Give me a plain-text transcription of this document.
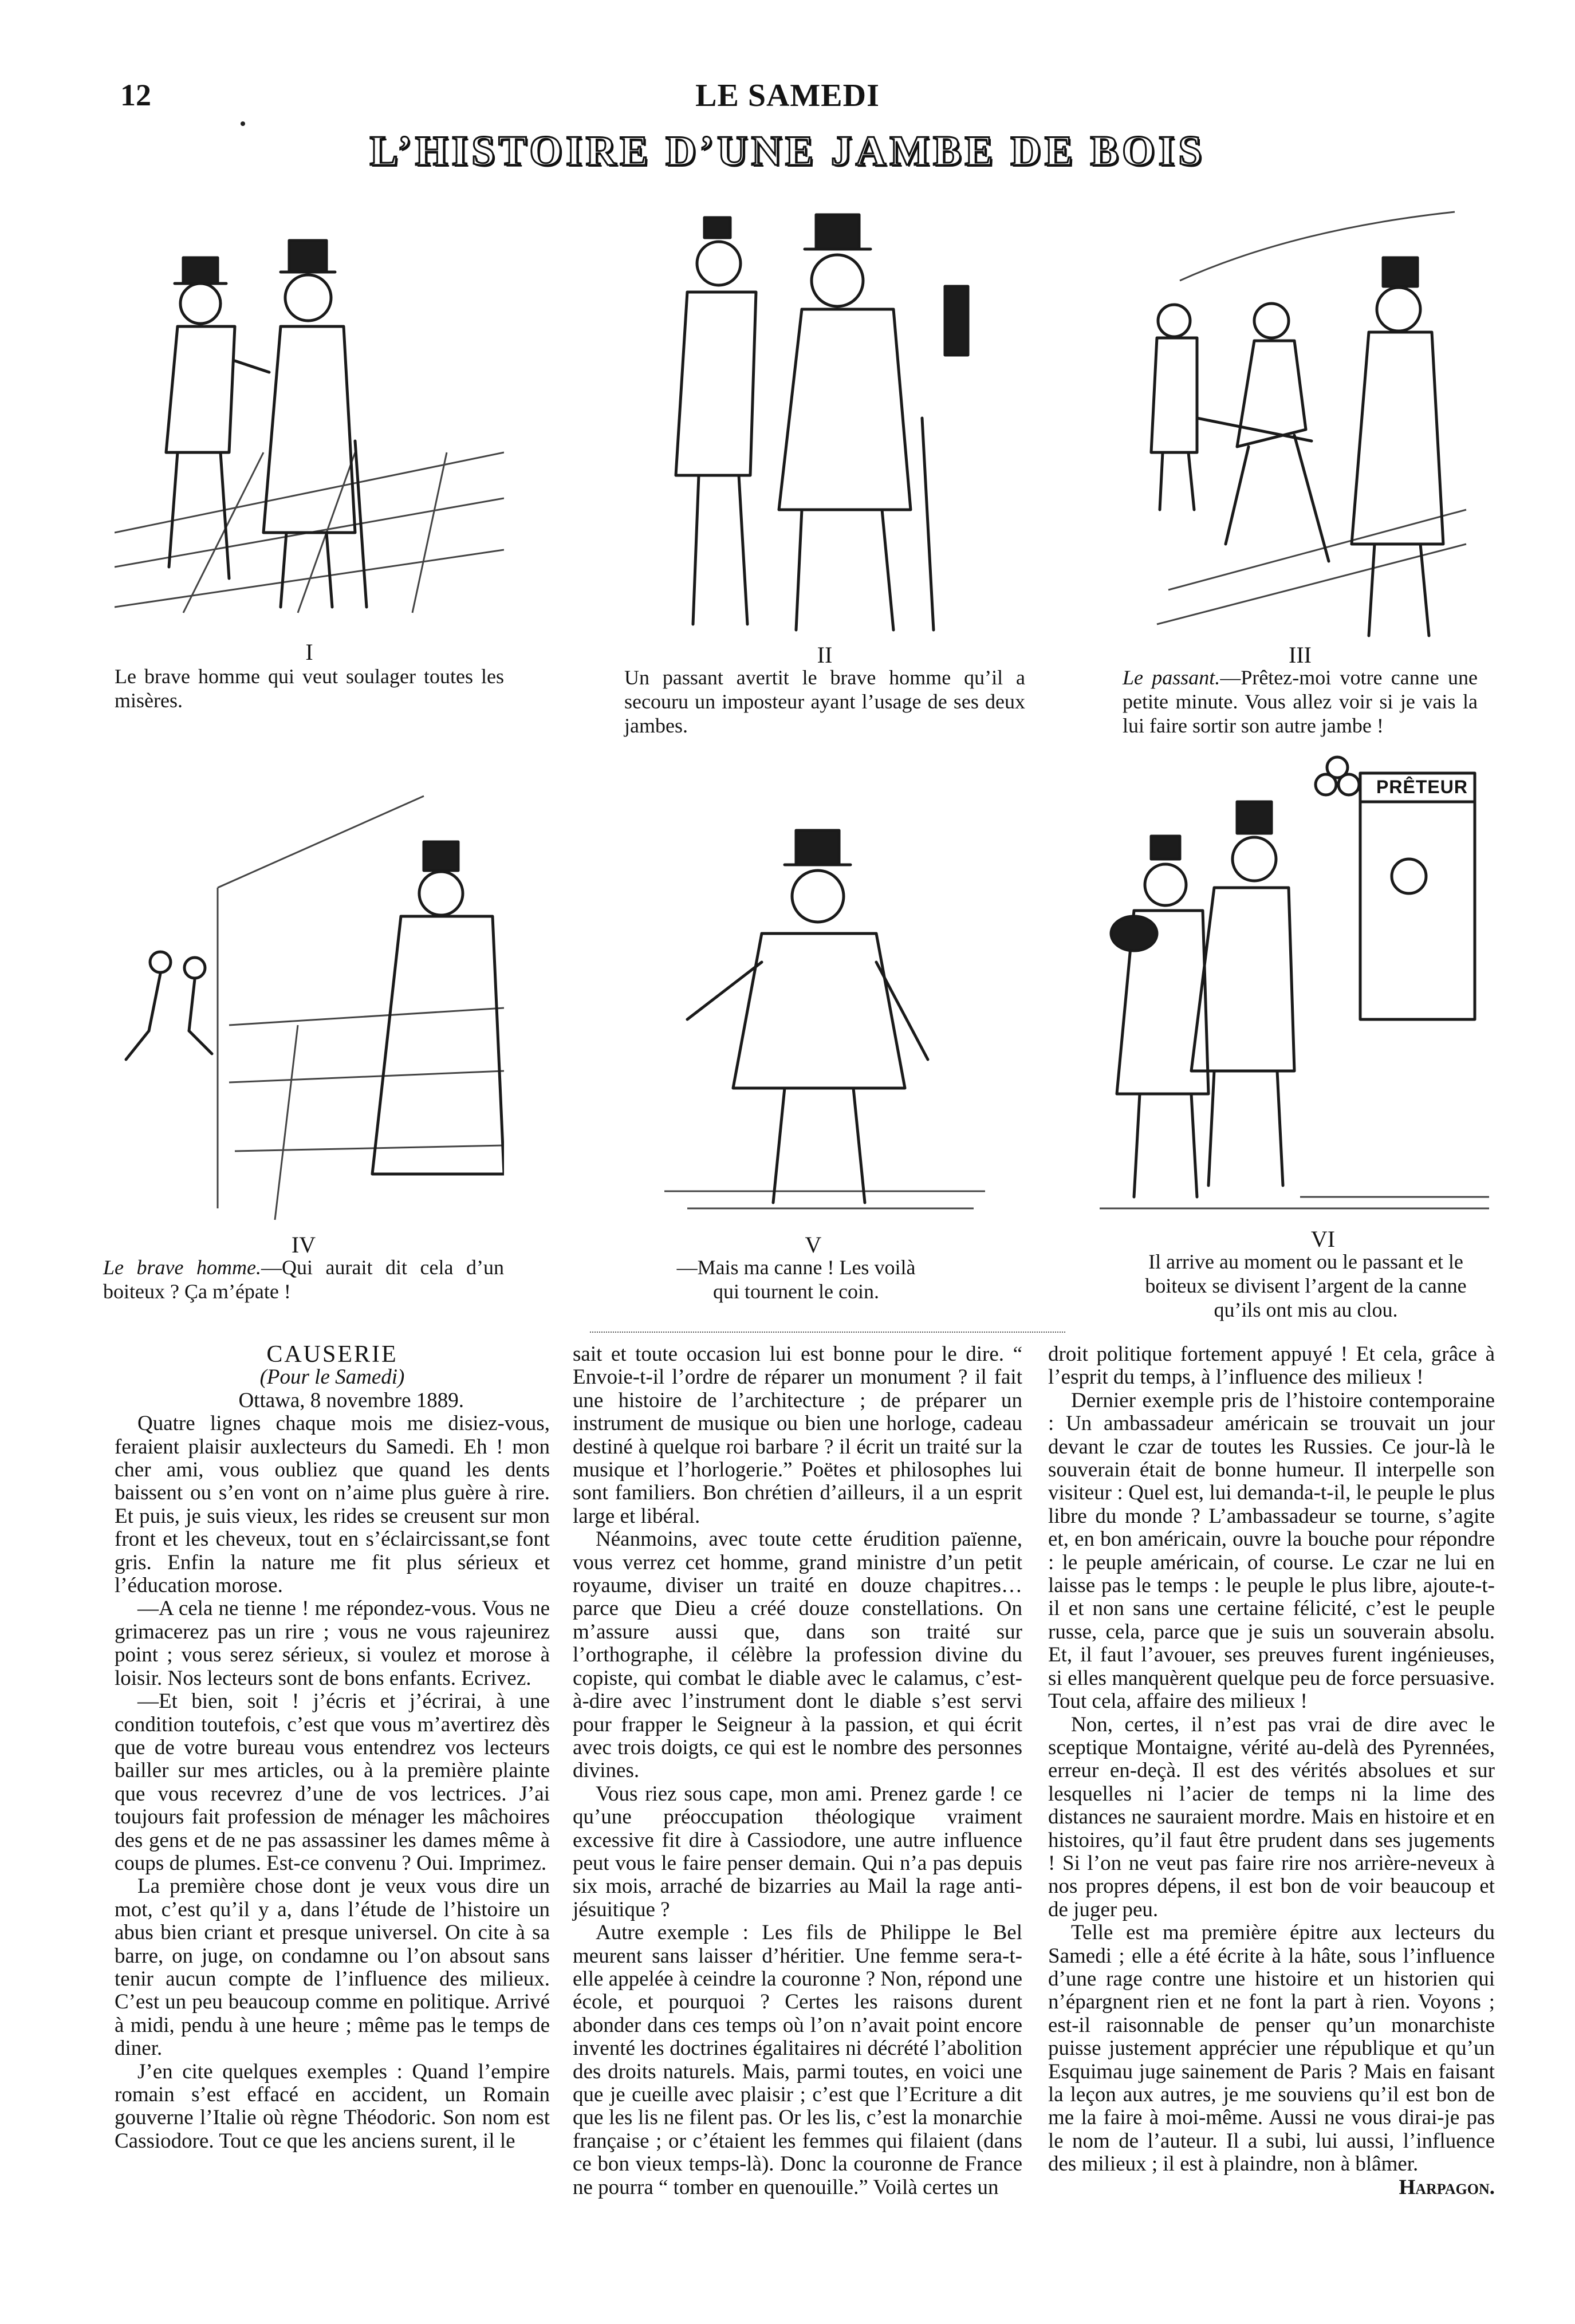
12	LE SAMEDI
L’HISTOIRE D’UNE JAMBE DE BOIS
I
Le brave homme qui veut soulager toutes les misères.
II
Un passant avertit le brave homme qu’il a secouru un imposteur ayant l’usage de ses deux jambes.
III
Le passant.—Prêtez-moi votre canne une petite minute. Vous allez voir si je vais la lui faire sortir son autre jambe !
IV
Le brave homme.—Qui aurait dit cela d’un boiteux ? Ça m’épate !
V
—Mais ma canne ! Les voilà qui tournent le coin.
PRÊTEUR
VI
Il arrive au moment ou le passant et le boiteux se divisent l’argent de la canne qu’ils ont mis au clou.

CAUSERIE

(Pour le Samedi)

Ottawa, 8 novembre 1889.

Quatre lignes chaque mois me disiez-vous, feraient plaisir auxlecteurs du Samedi. Eh ! mon cher ami, vous oubliez que quand les dents baissent ou s’en vont on n’aime plus guère à rire. Et puis, je suis vieux, les rides se creusent sur mon front et les cheveux, tout en s’éclaircissant,se font gris. Enfin la nature me fit plus sérieux et l’éducation morose.

—A cela ne tienne ! me répondez-vous. Vous ne grimacerez pas un rire ; vous ne vous rajeunirez point ; vous serez sérieux, si voulez et morose à loisir. Nos lecteurs sont de bons enfants. Ecrivez.

—Et bien, soit ! j’écris et j’écrirai, à une condition toutefois, c’est que vous m’avertirez dès que de votre bureau vous entendrez vos lecteurs bailler sur mes articles, ou à la première plainte que vous recevrez d’une de vos lectrices. J’ai toujours fait profession de ménager les mâchoires des gens et de ne pas assassiner les dames même à coups de plumes. Est-ce convenu ? Oui. Imprimez.

La première chose dont je veux vous dire un mot, c’est qu’il y a, dans l’étude de l’histoire un abus bien criant et presque universel. On cite à sa barre, on juge, on condamne ou l’on absout sans tenir aucun compte de l’influence des milieux. C’est un peu beaucoup comme en politique. Arrivé à midi, pendu à une heure ; même pas le temps de diner.

J’en cite quelques exemples : Quand l’empire romain s’est effacé en accident, un Romain gouverne l’Italie où règne Théodoric. Son nom est Cassiodore. Tout ce que les anciens surent, il le

sait et toute occasion lui est bonne pour le dire. “ Envoie-t-il l’ordre de réparer un monument ? il fait une histoire de l’architecture ; de préparer un instrument de musique ou bien une horloge, cadeau destiné à quelque roi barbare ? il écrit un traité sur la musique et l’horlogerie.” Poëtes et philosophes lui sont familiers. Bon chrétien d’ailleurs, il a un esprit large et libéral.

Néanmoins, avec toute cette érudition païenne, vous verrez cet homme, grand ministre d’un petit royaume, diviser un traité en douze chapitres… parce que Dieu a créé douze constellations. On m’assure aussi que, dans son traité sur l’orthographe, il célèbre la profession divine du copiste, qui combat le diable avec le calamus, c’est-à-dire avec l’instrument dont le diable s’est servi pour frapper le Seigneur à la passion, et qui écrit avec trois doigts, ce qui est le nombre des personnes divines.

Vous riez sous cape, mon ami. Prenez garde ! ce qu’une préoccupation théologique vraiment excessive fit dire à Cassiodore, une autre influence peut vous le faire penser demain. Qui n’a pas depuis six mois, arraché de bizarries au Mail la rage anti-jésuitique ?

Autre exemple : Les fils de Philippe le Bel meurent sans laisser d’héritier. Une femme sera-t-elle appelée à ceindre la couronne ? Non, répond une école, et pourquoi ? Certes les raisons durent abonder dans ces temps où l’on n’avait point encore inventé les doctrines égalitaires ni décrété l’abolition des droits naturels. Mais, parmi toutes, en voici une que je cueille avec plaisir ; c’est que l’Ecriture a dit que les lis ne filent pas. Or les lis, c’est la monarchie française ; or c’étaient les femmes qui filaient (dans ce bon vieux temps-là). Donc la couronne de France ne pourra “ tomber en quenouille.” Voilà certes un

droit politique fortement appuyé ! Et cela, grâce à l’esprit du temps, à l’influence des milieux !

Dernier exemple pris de l’histoire contemporaine : Un ambassadeur américain se trouvait un jour devant le czar de toutes les Russies. Ce jour-là le souverain était de bonne humeur. Il interpelle son visiteur : Quel est, lui demanda-t-il, le peuple le plus libre du monde ? L’ambassadeur se tourne, s’agite et, en bon américain, ouvre la bouche pour répondre : le peuple américain, of course. Le czar ne lui en laisse pas le temps : le peuple le plus libre, ajoute-t-il et non sans une certaine félicité, c’est le peuple russe, cela, parce que je suis un souverain absolu. Et, il faut l’avouer, ses preuves furent ingénieuses, si elles manquèrent quelque peu de force persuasive. Tout cela, affaire des milieux !

Non, certes, il n’est pas vrai de dire avec le sceptique Montaigne, vérité au-delà des Pyrennées, erreur en-deçà. Il est des vérités absolues et sur lesquelles ni l’acier de temps ni la lime des distances ne sauraient mordre. Mais en histoire et en histoires, qu’il faut être prudent dans ses jugements ! Si l’on ne veut pas faire rire nos arrière-neveux à nos propres dépens, il est bon de voir beaucoup et de juger peu.

Telle est ma première épitre aux lecteurs du Samedi ; elle a été écrite à la hâte, sous l’influence d’une rage contre une histoire et un historien qui n’épargnent rien et ne font la part à rien. Voyons ; est-il raisonnable de penser qu’un monarchiste puisse justement apprécier une république et qu’un Esquimau juge sainement de Paris ? Mais en faisant la leçon aux autres, je me souviens qu’il est bon de me la faire à moi-même. Aussi ne vous dirai-je pas le nom de l’auteur. Il a subi, lui aussi, l’influence des milieux ; il est à plaindre, non à blâmer.

Harpagon.
